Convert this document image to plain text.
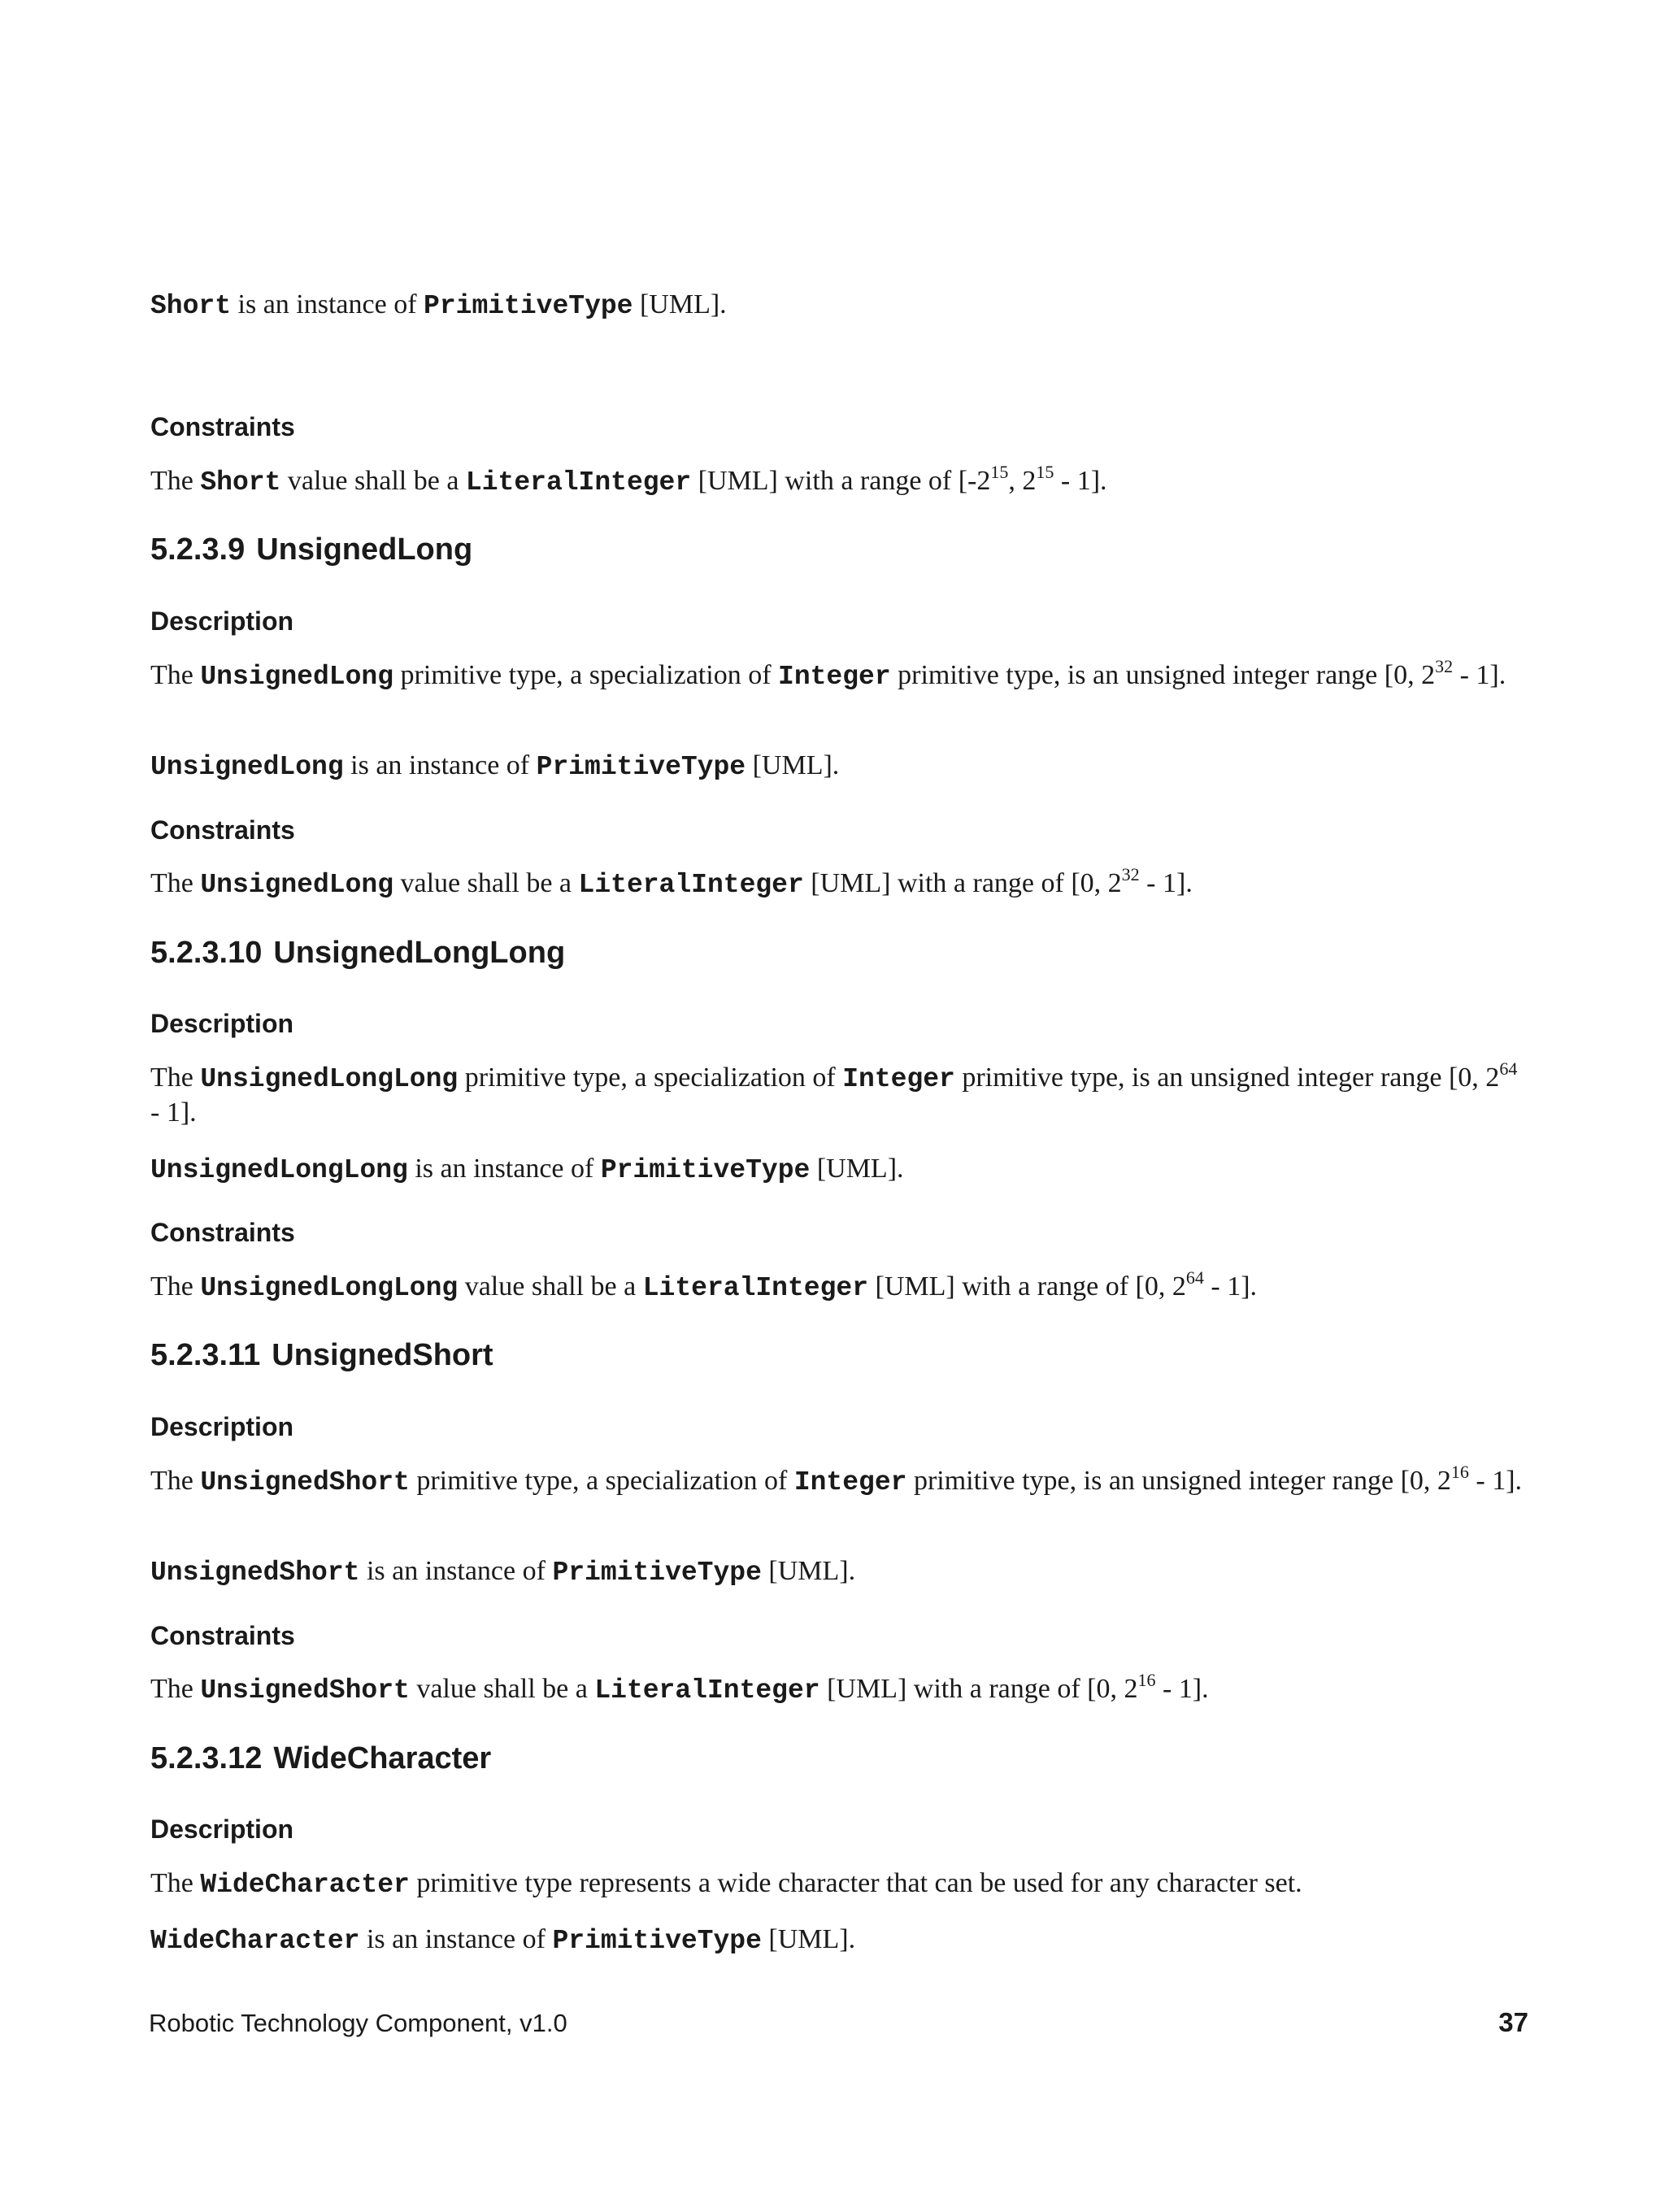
Short is an instance of PrimitiveType [UML].

Constraints

The Short value shall be a LiteralInteger [UML] with a range of [$-2^{15}$, $2^{15} - 1$].

5.2.3.9 UnsignedLong
Description

The UnsignedLong primitive type, a specialization of Integer primitive type, is an unsigned integer range [0, $2^{32} - 1$].

UnsignedLong is an instance of PrimitiveType [UML].

Constraints

The UnsignedLong value shall be a LiteralInteger [UML] with a range of [0, $2^{32} - 1$].

5.2.3.10 UnsignedLongLong
Description

The UnsignedLongLong primitive type, a specialization of Integer primitive type, is an unsigned integer range [0, $2^{64} - 1$].

UnsignedLongLong is an instance of PrimitiveType [UML].

Constraints

The UnsignedLongLong value shall be a LiteralInteger [UML] with a range of [0, $2^{64} - 1$].

5.2.3.11 UnsignedShort
Description

The UnsignedShort primitive type, a specialization of Integer primitive type, is an unsigned integer range [0, $2^{16} - 1$].

UnsignedShort is an instance of PrimitiveType [UML].

Constraints

The UnsignedShort value shall be a LiteralInteger [UML] with a range of [0, $2^{16} - 1$].

5.2.3.12 WideCharacter
Description

The WideCharacter primitive type represents a wide character that can be used for any character set.

WideCharacter is an instance of PrimitiveType [UML].

Robotic Technology Component, v1.0	37
